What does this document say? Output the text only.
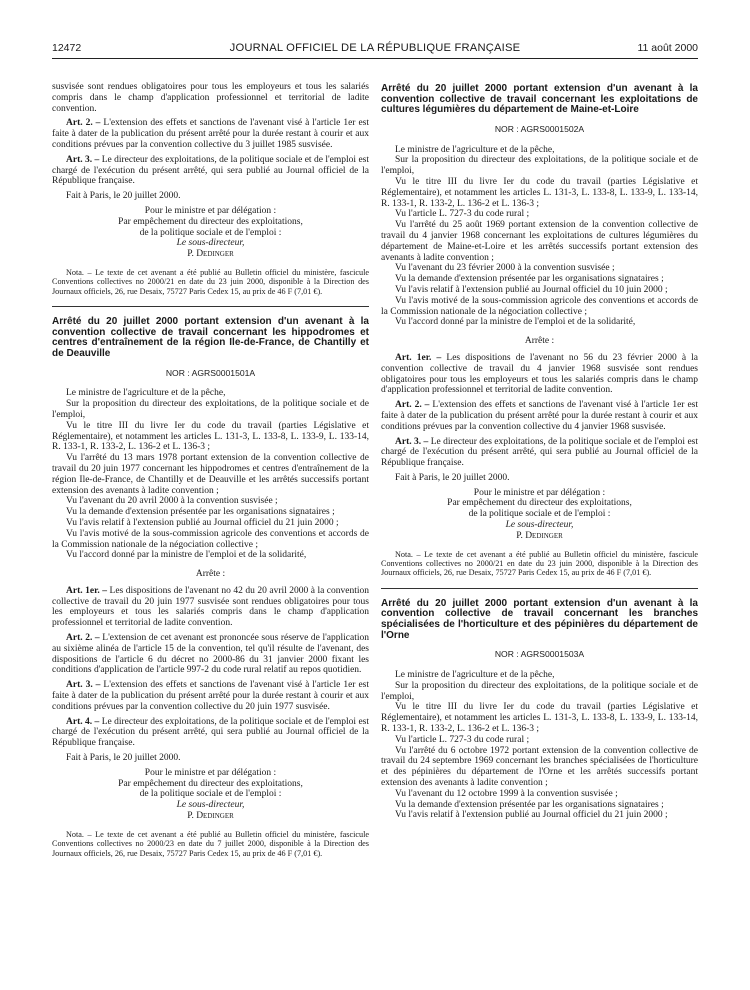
12472	JOURNAL OFFICIEL DE LA RÉPUBLIQUE FRANÇAISE	11 août 2000

susvisée sont rendues obligatoires pour tous les employeurs et tous les salariés compris dans le champ d'application professionnel et territorial de ladite convention.

Art. 2. – L'extension des effets et sanctions de l'avenant visé à l'article 1er est faite à dater de la publication du présent arrêté pour la durée restant à courir et aux conditions prévues par la convention collective du 3 juillet 1985 susvisée.

Art. 3. – Le directeur des exploitations, de la politique sociale et de l'emploi est chargé de l'exécution du présent arrêté, qui sera publié au Journal officiel de la République française.

Fait à Paris, le 20 juillet 2000.

Pour le ministre et par délégation :

Par empêchement du directeur des exploitations,

de la politique sociale et de l'emploi :

Le sous-directeur,

P. Dedinger

Nota. – Le texte de cet avenant a été publié au Bulletin officiel du ministère, fascicule Conventions collectives no 2000/21 en date du 23 juin 2000, disponible à la Direction des Journaux officiels, 26, rue Desaix, 75727 Paris Cedex 15, au prix de 46 F (7,01 €).

Arrêté du 20 juillet 2000 portant extension d'un avenant à la convention collective de travail concernant les hippodromes et centres d'entraînement de la région Ile-de-France, de Chantilly et de Deauville

NOR : AGRS0001501A

Le ministre de l'agriculture et de la pêche,

Sur la proposition du directeur des exploitations, de la politique sociale et de l'emploi,

Vu le titre III du livre Ier du code du travail (parties Législative et Réglementaire), et notamment les articles L. 131-3, L. 133-8, L. 133-9, L. 133-14, R. 133-1, R. 133-2, L. 136-2 et L. 136-3 ;

Vu l'arrêté du 13 mars 1978 portant extension de la convention collective de travail du 20 juin 1977 concernant les hippodromes et centres d'entraînement de la région Ile-de-France, de Chantilly et de Deauville et les arrêtés successifs portant extension des avenants à ladite convention ;

Vu l'avenant du 20 avril 2000 à la convention susvisée ;

Vu la demande d'extension présentée par les organisations signataires ;

Vu l'avis relatif à l'extension publié au Journal officiel du 21 juin 2000 ;

Vu l'avis motivé de la sous-commission agricole des conventions et accords de la Commission nationale de la négociation collective ;

Vu l'accord donné par la ministre de l'emploi et de la solidarité,

Arrête :

Art. 1er. – Les dispositions de l'avenant no 42 du 20 avril 2000 à la convention collective de travail du 20 juin 1977 susvisée sont rendues obligatoires pour tous les employeurs et tous les salariés compris dans le champ d'application professionnel et territorial de ladite convention.

Art. 2. – L'extension de cet avenant est prononcée sous réserve de l'application au sixième alinéa de l'article 15 de la convention, tel qu'il résulte de l'avenant, des dispositions de l'article 6 du décret no 2000-86 du 31 janvier 2000 fixant les conditions d'application de l'article 997-2 du code rural relatif au repos quotidien.

Art. 3. – L'extension des effets et sanctions de l'avenant visé à l'article 1er est faite à dater de la publication du présent arrêté pour la durée restant à courir et aux conditions prévues par la convention collective du 20 juin 1977 susvisée.

Art. 4. – Le directeur des exploitations, de la politique sociale et de l'emploi est chargé de l'exécution du présent arrêté, qui sera publié au Journal officiel de la République française.

Fait à Paris, le 20 juillet 2000.

Pour le ministre et par délégation :

Par empêchement du directeur des exploitations,

de la politique sociale et de l'emploi :

Le sous-directeur,

P. Dedinger

Nota. – Le texte de cet avenant a été publié au Bulletin officiel du ministère, fascicule Conventions collectives no 2000/23 en date du 7 juillet 2000, disponible à la Direction des Journaux officiels, 26, rue Desaix, 75727 Paris Cedex 15, au prix de 46 F (7,01 €).

Arrêté du 20 juillet 2000 portant extension d'un avenant à la convention collective de travail concernant les exploitations de cultures légumières du département de Maine-et-Loire

NOR : AGRS0001502A

Le ministre de l'agriculture et de la pêche,

Sur la proposition du directeur des exploitations, de la politique sociale et de l'emploi,

Vu le titre III du livre Ier du code du travail (parties Législative et Réglementaire), et notamment les articles L. 131-3, L. 133-8, L. 133-9, L. 133-14, R. 133-1, R. 133-2, L. 136-2 et L. 136-3 ;

Vu l'article L. 727-3 du code rural ;

Vu l'arrêté du 25 août 1969 portant extension de la convention collective de travail du 4 janvier 1968 concernant les exploitations de cultures légumières du département de Maine-et-Loire et les arrêtés successifs portant extension des avenants à ladite convention ;

Vu l'avenant du 23 février 2000 à la convention susvisée ;

Vu la demande d'extension présentée par les organisations signataires ;

Vu l'avis relatif à l'extension publié au Journal officiel du 10 juin 2000 ;

Vu l'avis motivé de la sous-commission agricole des conventions et accords de la Commission nationale de la négociation collective ;

Vu l'accord donné par la ministre de l'emploi et de la solidarité,

Arrête :

Art. 1er. – Les dispositions de l'avenant no 56 du 23 février 2000 à la convention collective de travail du 4 janvier 1968 susvisée sont rendues obligatoires pour tous les employeurs et tous les salariés compris dans le champ d'application professionnel et territorial de ladite convention.

Art. 2. – L'extension des effets et sanctions de l'avenant visé à l'article 1er est faite à dater de la publication du présent arrêté pour la durée restant à courir et aux conditions prévues par la convention collective du 4 janvier 1968 susvisée.

Art. 3. – Le directeur des exploitations, de la politique sociale et de l'emploi est chargé de l'exécution du présent arrêté, qui sera publié au Journal officiel de la République française.

Fait à Paris, le 20 juillet 2000.

Pour le ministre et par délégation :

Par empêchement du directeur des exploitations,

de la politique sociale et de l'emploi :

Le sous-directeur,

P. Dedinger

Nota. – Le texte de cet avenant a été publié au Bulletin officiel du ministère, fascicule Conventions collectives no 2000/21 en date du 23 juin 2000, disponible à la Direction des Journaux officiels, 26, rue Desaix, 75727 Paris Cedex 15, au prix de 46 F (7,01 €).

Arrêté du 20 juillet 2000 portant extension d'un avenant à la convention collective de travail concernant les branches spécialisées de l'horticulture et des pépinières du département de l'Orne

NOR : AGRS0001503A

Le ministre de l'agriculture et de la pêche,

Sur la proposition du directeur des exploitations, de la politique sociale et de l'emploi,

Vu le titre III du livre Ier du code du travail (parties Législative et Réglementaire), et notamment les articles L. 131-3, L. 133-8, L. 133-9, L. 133-14, R. 133-1, R. 133-2, L. 136-2 et L. 136-3 ;

Vu l'article L. 727-3 du code rural ;

Vu l'arrêté du 6 octobre 1972 portant extension de la convention collective de travail du 24 septembre 1969 concernant les branches spécialisées de l'horticulture et des pépinières du département de l'Orne et les arrêtés successifs portant extension des avenants à ladite convention ;

Vu l'avenant du 12 octobre 1999 à la convention susvisée ;

Vu la demande d'extension présentée par les organisations signataires ;

Vu l'avis relatif à l'extension publié au Journal officiel du 21 juin 2000 ;
